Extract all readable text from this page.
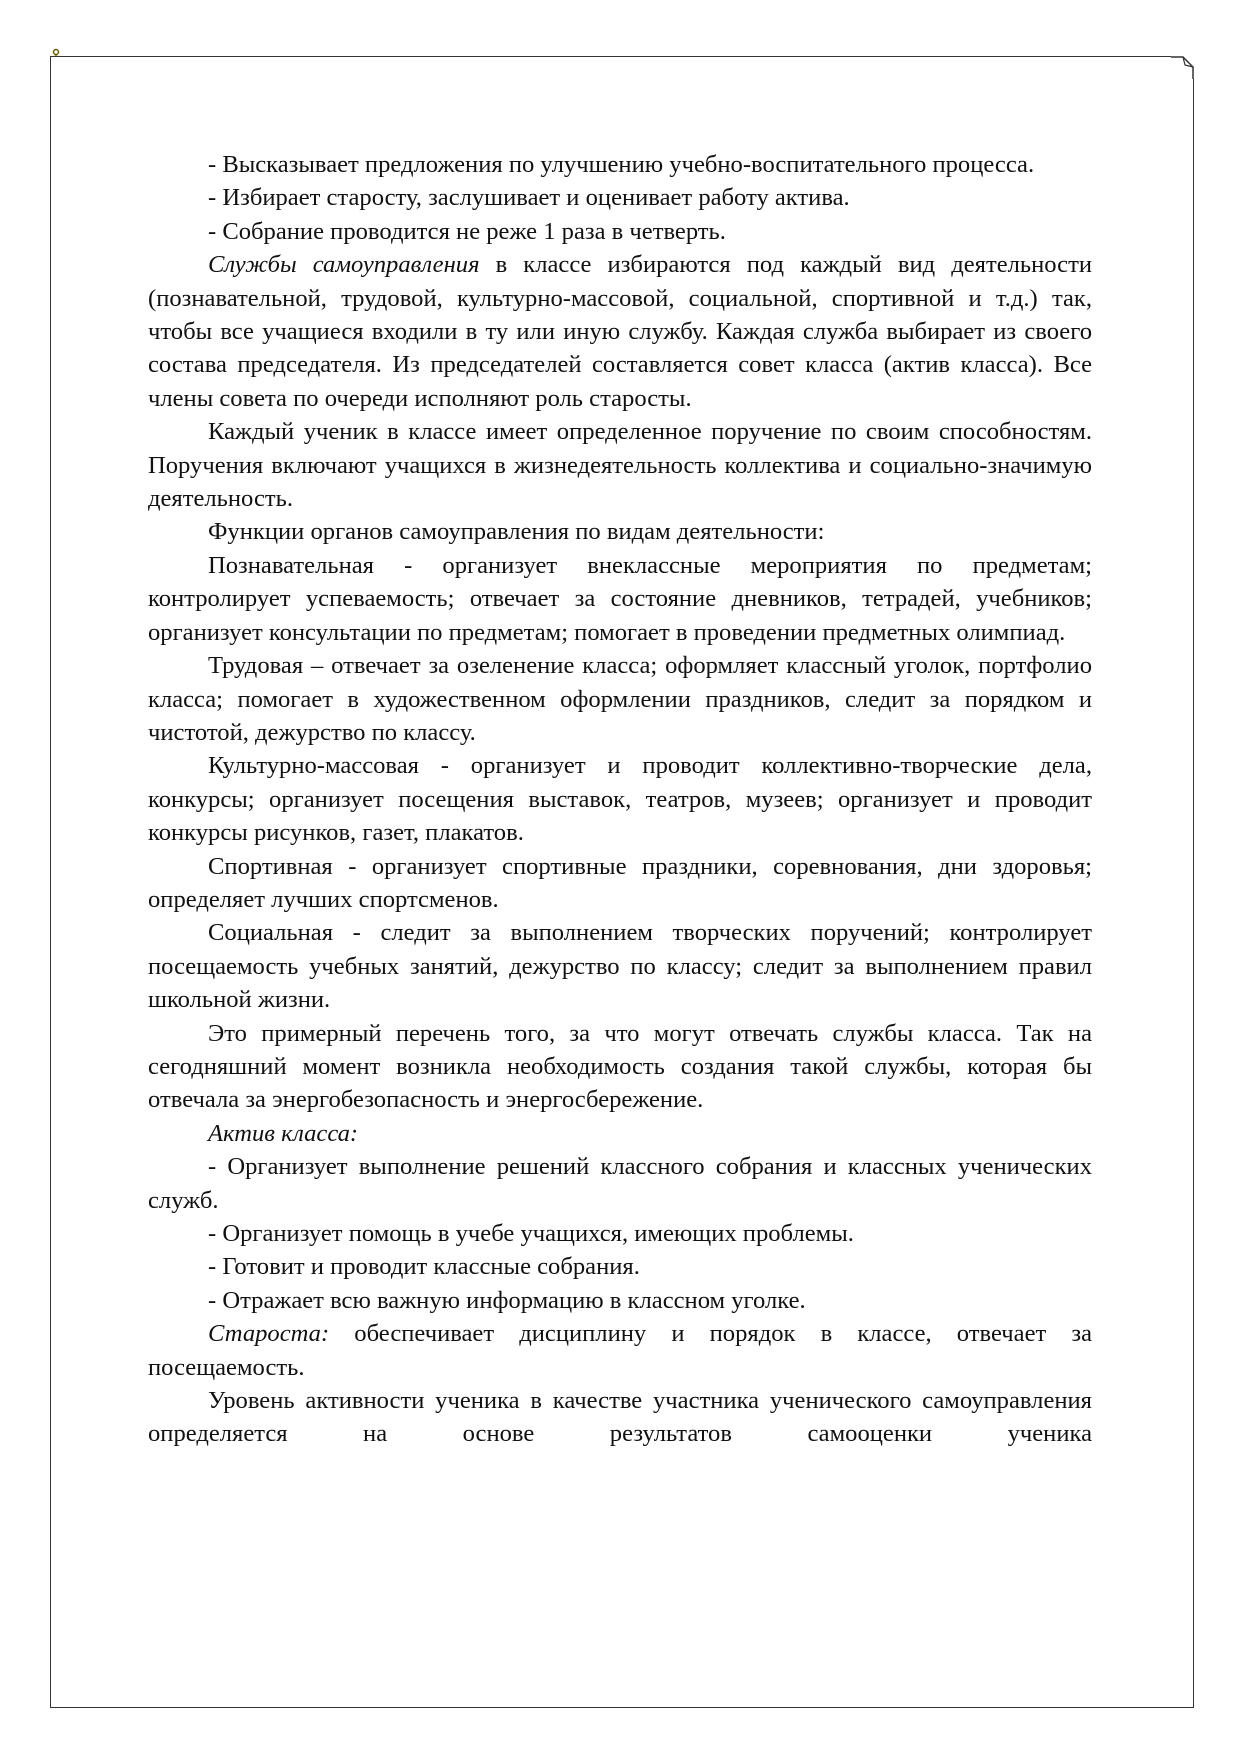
- Высказывает предложения по улучшению учебно-воспитательного процесса.

- Избирает старосту, заслушивает и оценивает работу актива.

- Собрание проводится не реже 1 раза в четверть.

Службы самоуправления в классе избираются под каждый вид деятельности (познавательной, трудовой, культурно-массовой, социальной, спортивной и т.д.) так, чтобы все учащиеся входили в ту или иную службу. Каждая служба выбирает из своего состава председателя. Из председателей составляется совет класса (актив класса). Все члены совета по очереди исполняют роль старосты.

Каждый ученик в классе имеет определенное поручение по своим способностям. Поручения включают учащихся в жизнедеятельность коллектива и социально-значимую деятельность.

Функции органов самоуправления по видам деятельности:

Познавательная - организует внеклассные мероприятия по предметам; контролирует успеваемость; отвечает за состояние дневников, тетрадей, учебников; организует консультации по предметам; помогает в проведении предметных олимпиад.

Трудовая – отвечает за озеленение класса; оформляет классный уголок, портфолио класса; помогает в художественном оформлении праздников, следит за порядком и чистотой, дежурство по классу.

Культурно-массовая - организует и проводит коллективно-творческие дела, конкурсы; организует посещения выставок, театров, музеев; организует и проводит конкурсы рисунков, газет, плакатов.

Спортивная - организует спортивные праздники, соревнования, дни здоровья; определяет лучших спортсменов.

Социальная - следит за выполнением творческих поручений; контролирует посещаемость учебных занятий, дежурство по классу; следит за выполнением правил школьной жизни.

Это примерный перечень того, за что могут отвечать службы класса. Так на сегодняшний момент возникла необходимость создания такой службы, которая бы отвечала за энергобезопасность и энергосбережение.

Актив класса:

- Организует выполнение решений классного собрания и классных ученических служб.

- Организует помощь в учебе учащихся, имеющих проблемы.

- Готовит и проводит классные собрания.

- Отражает всю важную информацию в классном уголке.

Староста: обеспечивает дисциплину и порядок в классе, отвечает за посещаемость.

Уровень активности ученика в качестве участника ученического самоуправления определяется на основе результатов самооценки ученика
